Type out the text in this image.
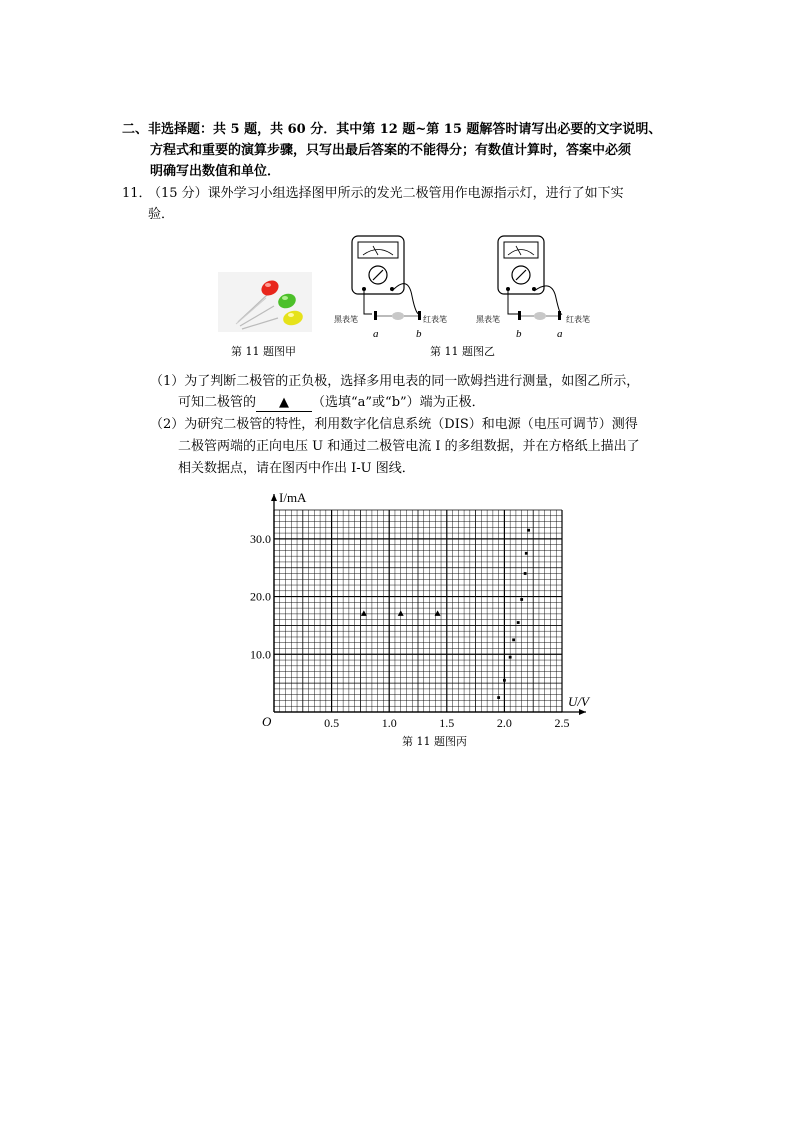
二、非选择题：共 5 题，共 60 分．其中第 12 题~第 15 题解答时请写出必要的文字说明、
方程式和重要的演算步骤，只写出最后答案的不能得分；有数值计算时，答案中必须
明确写出数值和单位．
11．
（15 分）课外学习小组选择图甲所示的发光二极管用作电源指示灯，进行了如下实
验．
第 11 题图甲
黑表笔	红表笔	黑表笔	红表笔
a	b	b	a
第 11 题图乙
（1）为了判断二极管的正负极，选择多用电表的同一欧姆挡进行测量，如图乙所示，
可知二极管的 ▲ （选填“a”或“b”）端为正极．
（2）为研究二极管的特性，利用数字化信息系统（DIS）和电源（电压可调节）测得
二极管两端的正向电压 U 和通过二极管电流 I 的多组数据，并在方格纸上描出了
相关数据点，请在图丙中作出 I-U 图线．
U/V
I/mA
O	0.5	1.0	1.5	2.0	2.5
10.0
20.0
30.0
第 11 题图丙
